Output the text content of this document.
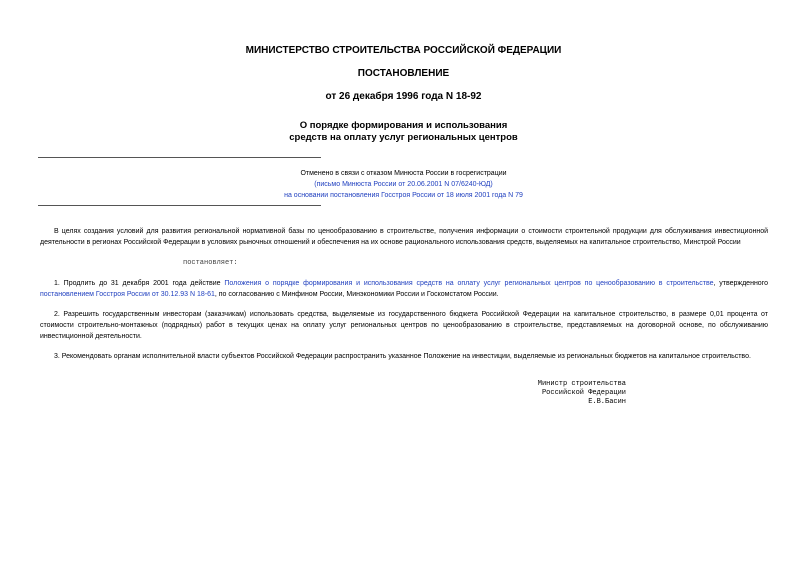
МИНИСТЕРСТВО СТРОИТЕЛЬСТВА РОССИЙСКОЙ ФЕДЕРАЦИИ
ПОСТАНОВЛЕНИЕ
от 26 декабря 1996 года N 18-92
О порядке формирования и использования
средств на оплату услуг региональных центров
Отменено в связи с отказом Минюста России в госрегистрации
(письмо Минюста России от 20.06.2001 N 07/6240-ЮД)
на основании постановления Госстроя России от 18 июля 2001 года N 79
В целях создания условий для развития региональной нормативной базы по ценообразованию в строительстве, получения информации о стоимости строительной продукции для обслуживания инвестиционной деятельности в регионах Российской Федерации в условиях рыночных отношений и обеспечения на их основе рационального использования средств, выделяемых на капитальное строительство, Минстрой России
постановляет:
1. Продлить до 31 декабря 2001 года действие Положения о порядке формирования и использования средств на оплату услуг региональных центров по ценообразованию в строительстве, утвержденного постановлением Госстроя России от 30.12.93 N 18-61, по согласованию с Минфином России, Минэкономики России и Госкомстатом России.
2. Разрешить государственным инвесторам (заказчикам) использовать средства, выделяемые из государственного бюджета Российской Федерации на капитальное строительство, в размере 0,01 процента от стоимости строительно-монтажных (подрядных) работ в текущих ценах на оплату услуг региональных центров по ценообразованию в строительстве, представляемых на договорной основе, по обслуживанию инвестиционной деятельности.
3. Рекомендовать органам исполнительной власти субъектов Российской Федерации распространить указанное Положение на инвестиции, выделяемые из региональных бюджетов на капитальное строительство.
Министр строительства
Российской Федерации
Е.В.Басин
